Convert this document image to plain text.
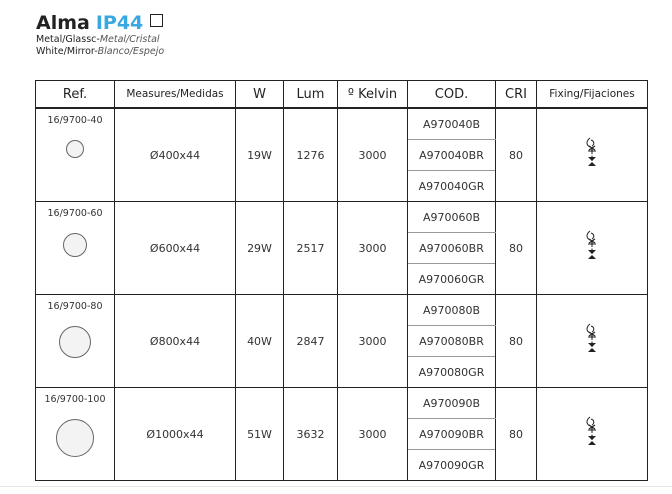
Alma IP44
Metal/Glassc-Metal/Cristal
White/Mirror-Blanco/Espejo
Ref.	Measures/Medidas	W	Lum	º Kelvin	COD.	CRI	Fixing/Fijaciones

16/9700-40	Ø400x44	19W	1276	3000	A970040B	80	
					A970040BR		
					A970040GR		

16/9700-60	Ø600x44	29W	2517	3000	A970060B	80	
					A970060BR		
					A970060GR		

16/9700-80	Ø800x44	40W	2847	3000	A970080B	80	
					A970080BR		
					A970080GR		

16/9700-100	Ø1000x44	51W	3632	3000	A970090B	80	
					A970090BR		
					A970090GR		
